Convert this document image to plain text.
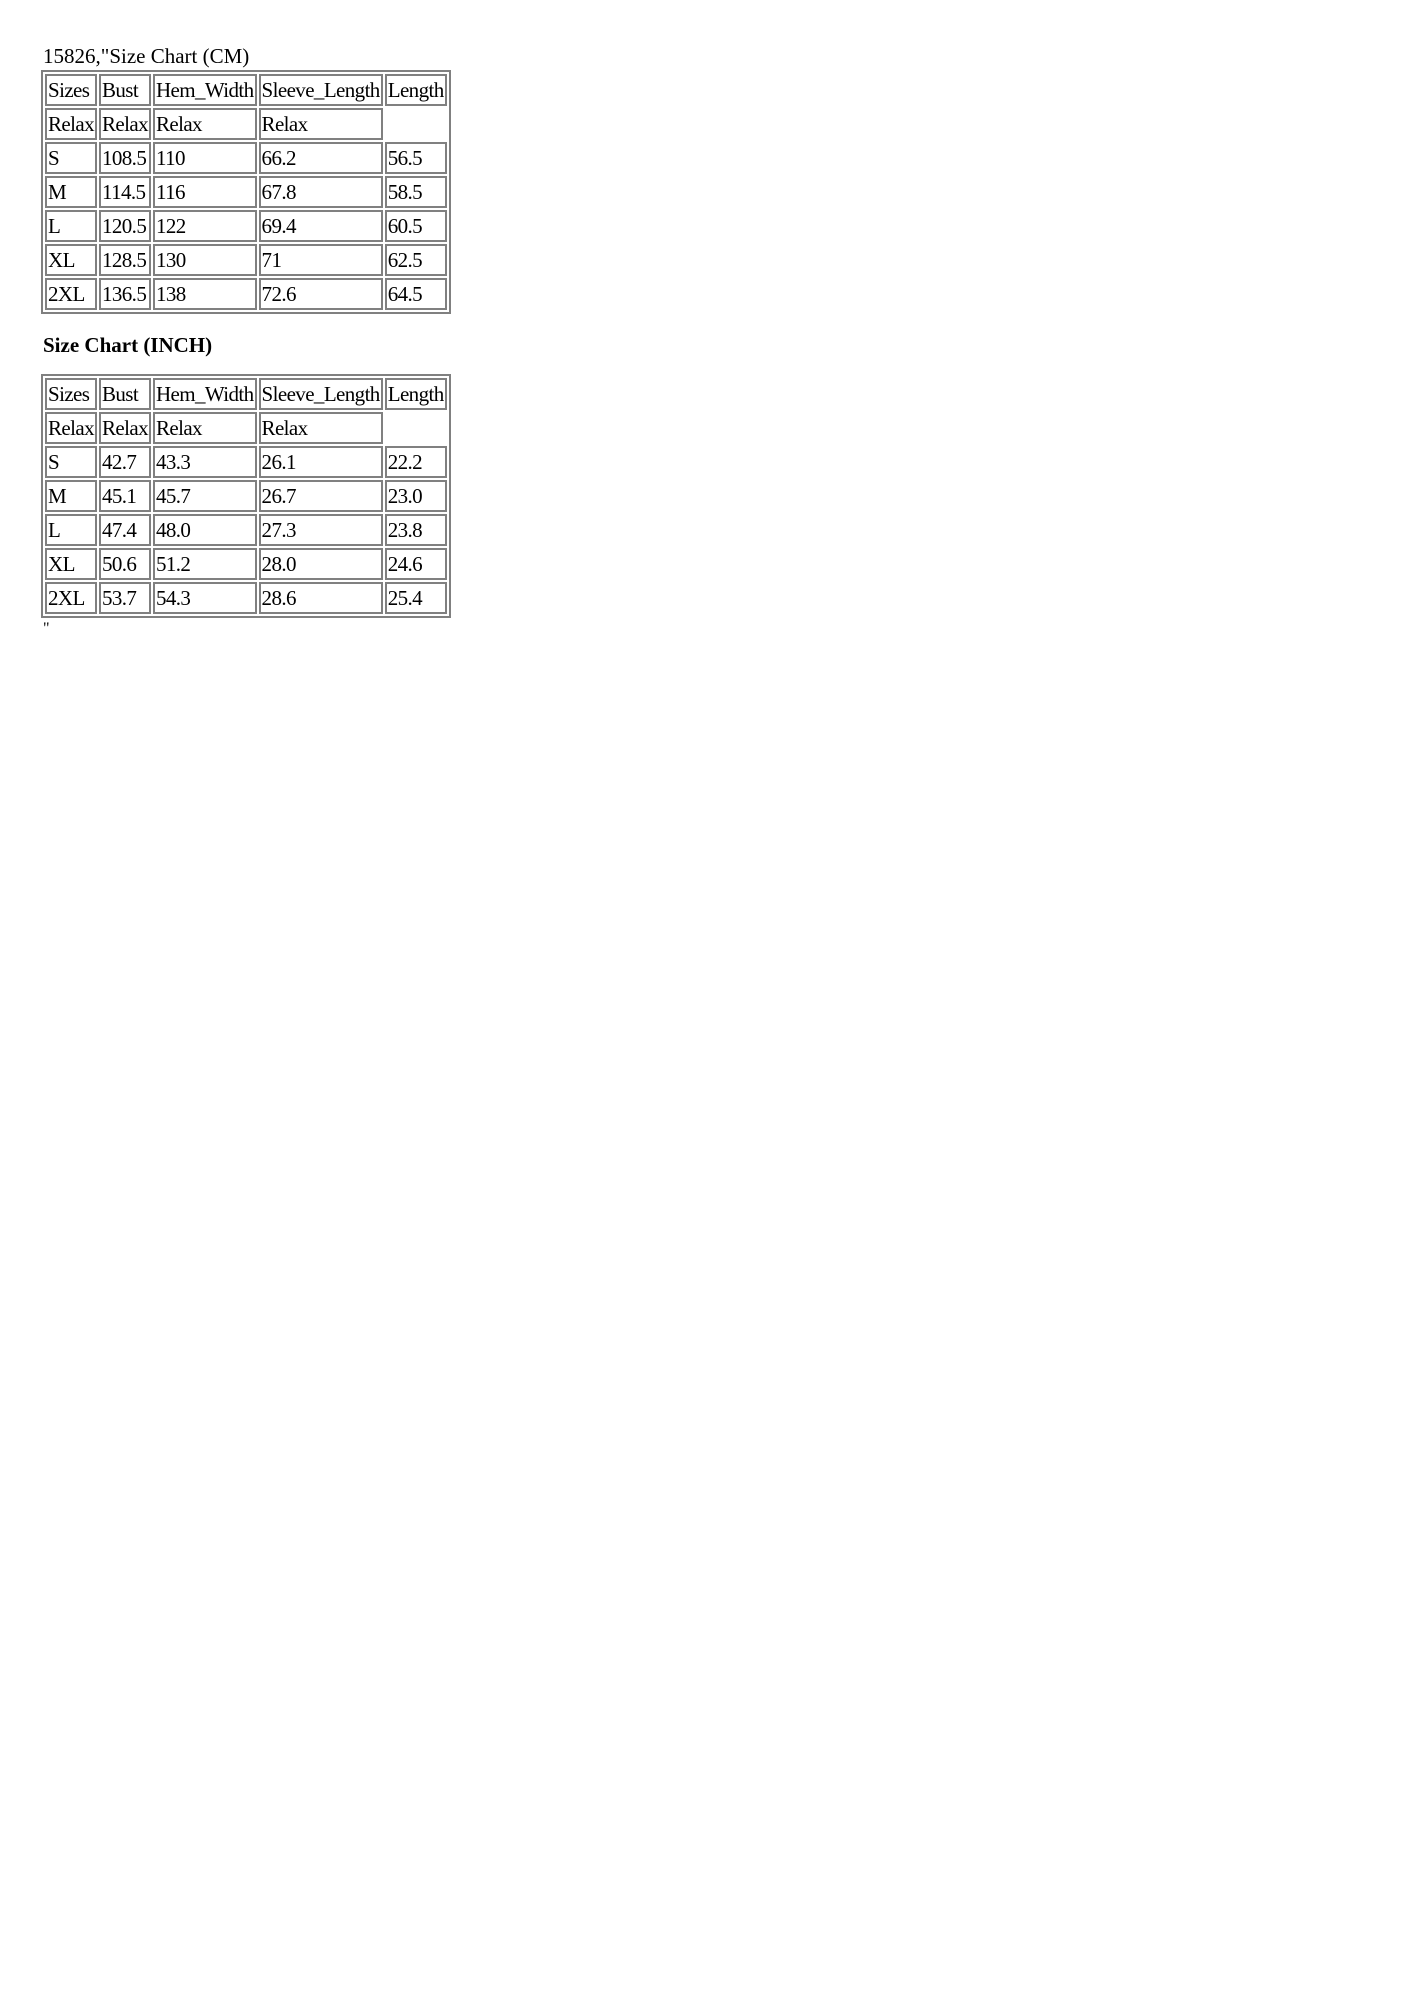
15826,"Size Chart (CM)
Sizes	Bust	Hem_Width	Sleeve_Length	Length
Relax	Relax	Relax	Relax	
S	108.5	110	66.2	56.5
M	114.5	116	67.8	58.5
L	120.5	122	69.4	60.5
XL	128.5	130	71	62.5
2XL	136.5	138	72.6	64.5
Size Chart (INCH)
Sizes	Bust	Hem_Width	Sleeve_Length	Length
Relax	Relax	Relax	Relax	
S	42.7	43.3	26.1	22.2
M	45.1	45.7	26.7	23.0
L	47.4	48.0	27.3	23.8
XL	50.6	51.2	28.0	24.6
2XL	53.7	54.3	28.6	25.4
"
